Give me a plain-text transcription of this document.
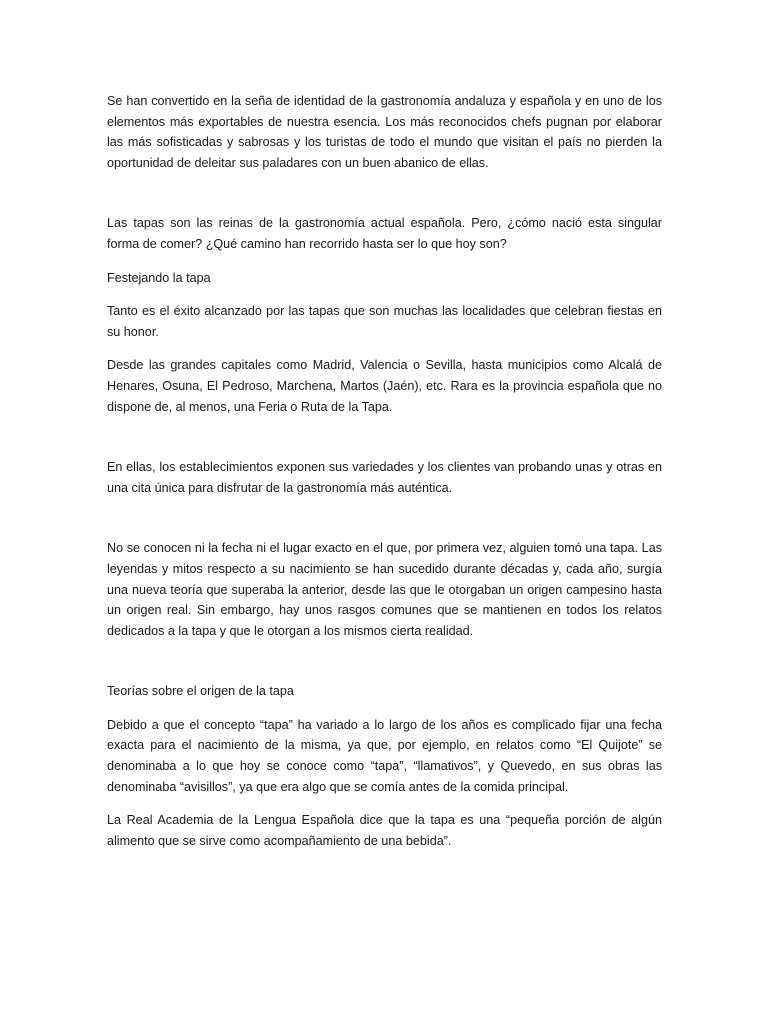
Se han convertido en la seña de identidad de la gastronomía andaluza y española y en uno de los elementos más exportables de nuestra esencia. Los más reconocidos chefs pugnan por elaborar las más sofisticadas y sabrosas y los turistas de todo el mundo que visitan el país no pierden la oportunidad de deleitar sus paladares con un buen abanico de ellas.

Las tapas son las reinas de la gastronomía actual española. Pero, ¿cómo nació esta singular forma de comer? ¿Qué camino han recorrido hasta ser lo que hoy son?

Festejando la tapa

Tanto es el éxito alcanzado por las tapas que son muchas las localidades que celebran fiestas en su honor.

Desde las grandes capitales como Madrid, Valencia o Sevilla, hasta municipios como Alcalá de Henares, Osuna, El Pedroso, Marchena, Martos (Jaén), etc. Rara es la provincia española que no dispone de, al menos, una Feria o Ruta de la Tapa.

En ellas, los establecimientos exponen sus variedades y los clientes van probando unas y otras en una cita única para disfrutar de la gastronomía más auténtica.

No se conocen ni la fecha ni el lugar exacto en el que, por primera vez, alguien tomó una tapa. Las leyendas y mitos respecto a su nacimiento se han sucedido durante décadas y, cada año, surgía una nueva teoría que superaba la anterior, desde las que le otorgaban un origen campesino hasta un origen real. Sin embargo, hay unos rasgos comunes que se mantienen en todos los relatos dedicados a la tapa y que le otorgan a los mismos cierta realidad.

Teorías sobre el origen de la tapa

Debido a que el concepto “tapa” ha variado a lo largo de los años es complicado fijar una fecha exacta para el nacimiento de la misma, ya que, por ejemplo, en relatos como “El Quijote” se denominaba a lo que hoy se conoce como “tapa”, “llamativos”, y Quevedo, en sus obras las denominaba “avisillos”, ya que era algo que se comía antes de la comida principal.

La Real Academia de la Lengua Española dice que la tapa es una “pequeña porción de algún alimento que se sirve como acompañamiento de una bebida”.
